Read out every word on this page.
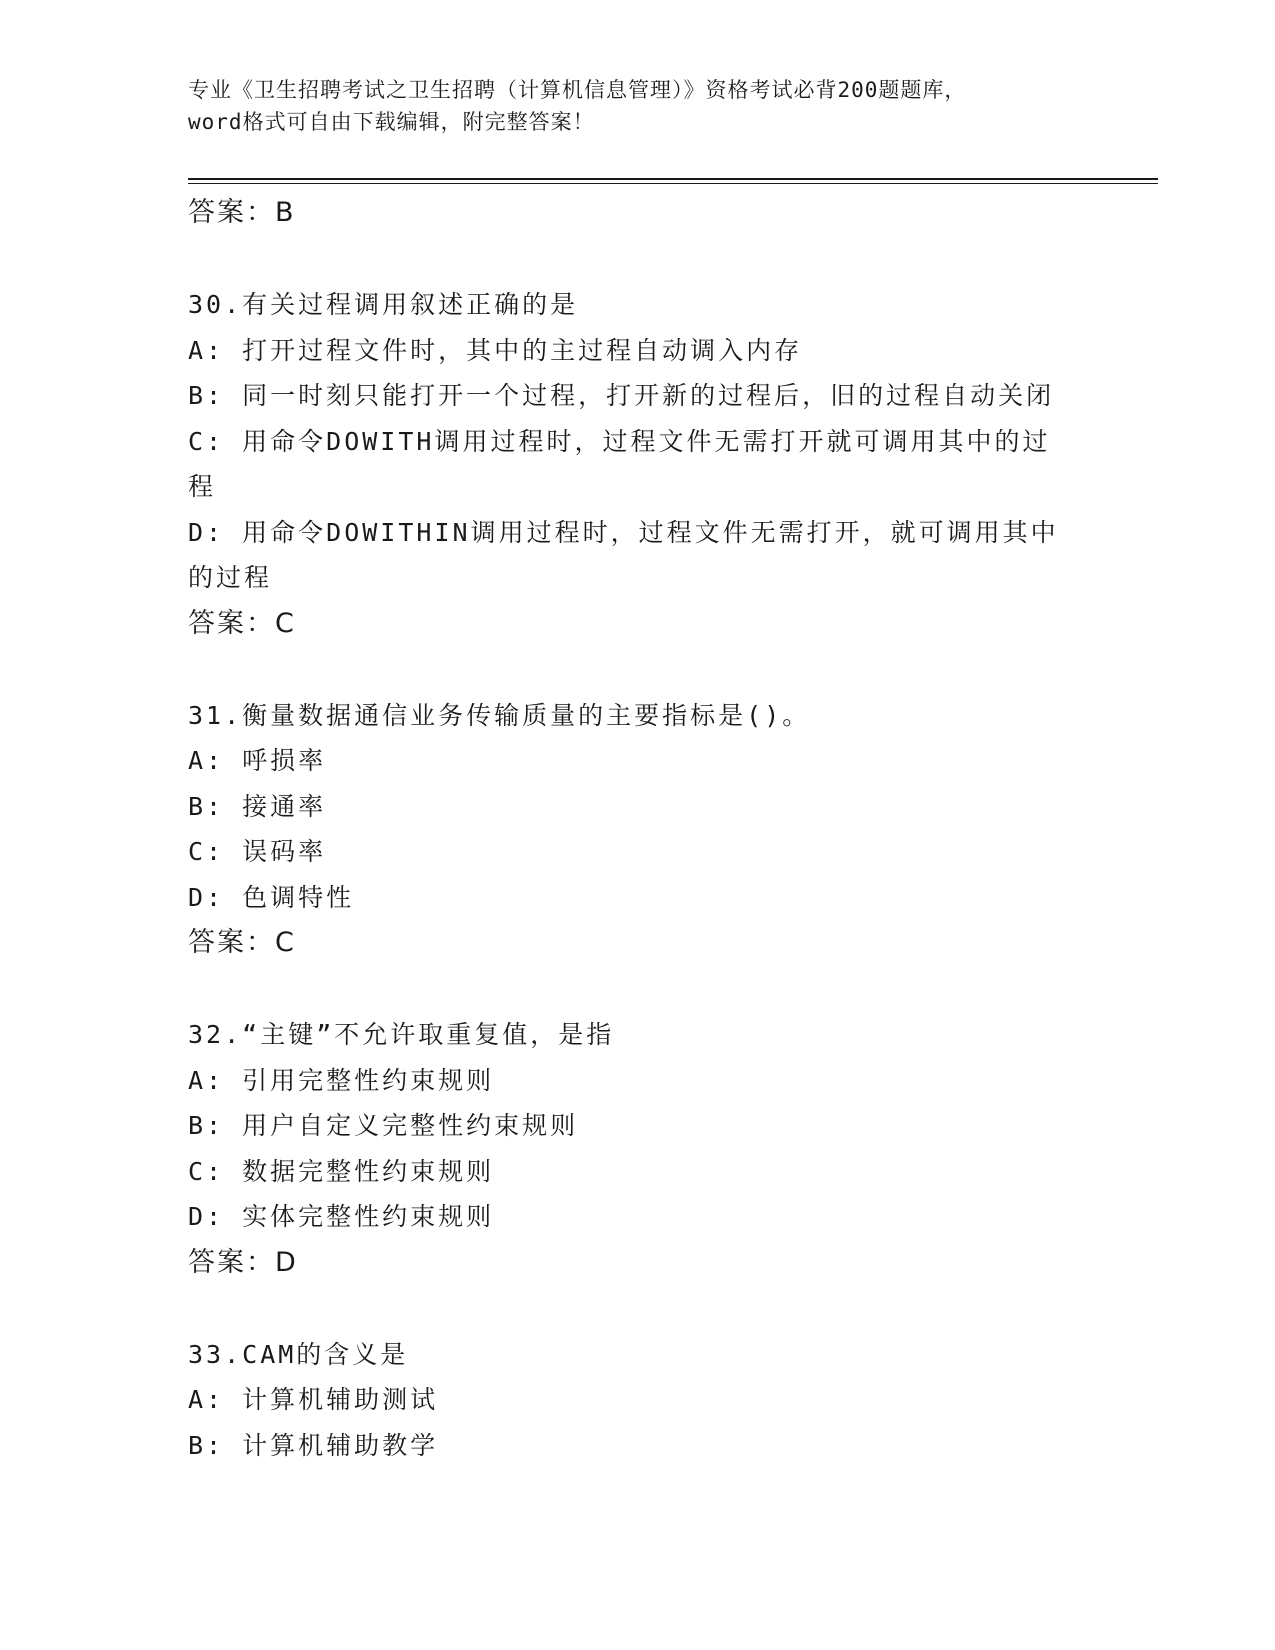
专业《卫生招聘考试之卫生招聘（计算机信息管理）》资格考试必背200题题库，
word格式可自由下载编辑，附完整答案！
答案：B
30.有关过程调用叙述正确的是
A: 打开过程文件时，其中的主过程自动调入内存
B: 同一时刻只能打开一个过程，打开新的过程后，旧的过程自动关闭
C: 用命令DOWITH调用过程时，过程文件无需打开就可调用其中的过
程
D: 用命令DOWITHIN调用过程时，过程文件无需打开，就可调用其中
的过程
答案：C
31.衡量数据通信业务传输质量的主要指标是()。
A: 呼损率
B: 接通率
C: 误码率
D: 色调特性
答案：C
32.“主键”不允许取重复值，是指
A: 引用完整性约束规则
B: 用户自定义完整性约束规则
C: 数据完整性约束规则
D: 实体完整性约束规则
答案：D
33.CAM的含义是
A: 计算机辅助测试
B: 计算机辅助教学
